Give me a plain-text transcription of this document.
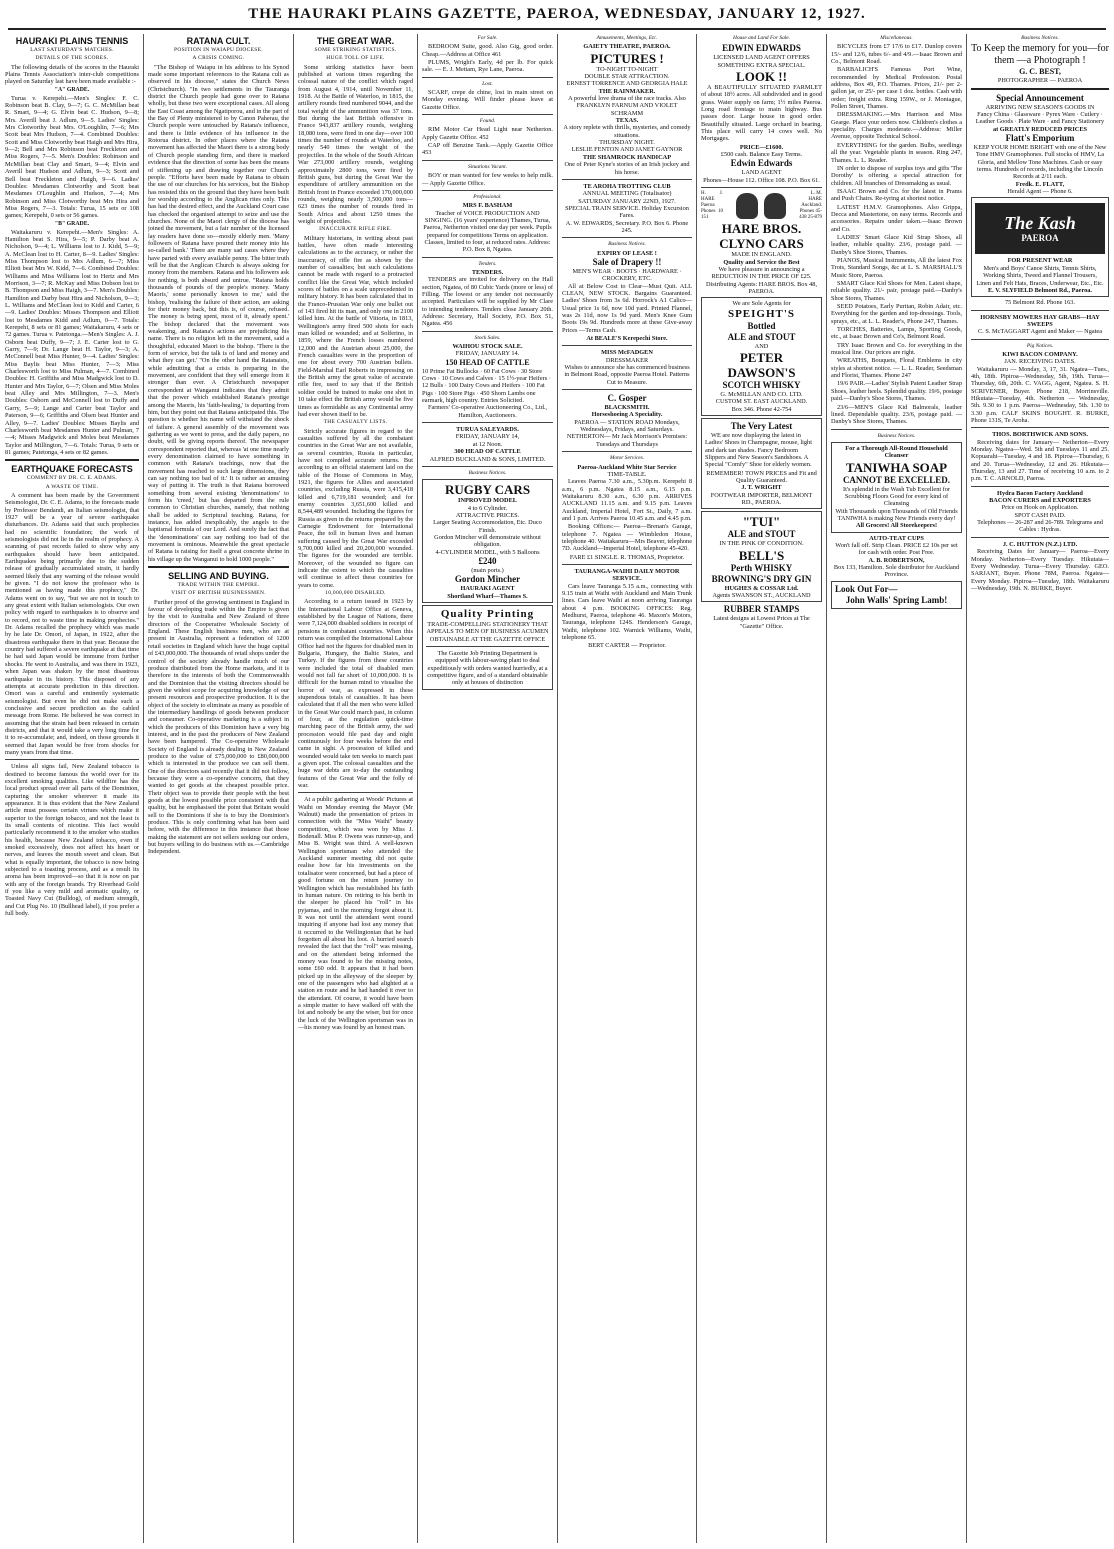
THE HAURAKI PLAINS GAZETTE, PAEROA, WEDNESDAY, JANUARY 12, 1927.
HAURAKI PLAINS TENNIS
LAST SATURDAY'S MATCHES.
DETAILS OF THE SCORES.

The following details of the scores in the Hauraki Plains Tennis Association's inter-club competitions played on Saturday last have been made available :-

"A" GRADE.

Turua v. Kerepehi.—Men's Singles: F. C. Robinson beat B. Clay, 9—7; G. C. McMillan beat R. Smart, 9—4; G. Elvin beat C. Hudson, 9—8; Mrs. Averill beat J. Adlum, 9—5. Ladies' Singles: Mrs Clotworthy beat Mrs. O'Loughlin, 7—6; Mrs Scott beat Mrs Hudson, 7—4. Combined Doubles: Scott and Miss Clotworthy beat Haigh and Mrs Hira, 9—2; Bell and Mrs Robinson beat Freckleton and Miss Rogers, 7—5. Men's Doubles: Robinson and McMillan beat Clay and Smart, 9—4; Elvin and Averill beat Hudson and Adlum, 9—3; Scott and Bell beat Freckleton and Haigh, 9—6. Ladies' Doubles: Mesdames Clotworthy and Scott beat Mesdames O'Loughlin and Hudson, 7—4; Mrs Robinson and Miss Clotworthy beat Mrs Hira and Miss Rogers, 7—3. Totals: Turua, 15 sets or 108 games; Kerepehi, 0 sets or 56 games.

"B" GRADE.

Waitakaruru v. Kerepehi.—Men's Singles: A. Hamilton beat S. Hira, 9—5; P. Darby beat A. Nicholson, 9—4; L. Williams lost to J. Kidd, 5—9; A. McClean lost to H. Carter, 8—9. Ladies' Singles: Miss Thompson lost to Mrs Adlum, 6—7; Miss Elliott beat Mrs W. Kidd, 7—6. Combined Doubles: Williams and Miss Williams lost to Hertz and Mrs Morrison, 3—7; R. McKay and Miss Dobson lost to B. Thompson and Miss Haigh, 3—7. Men's Doubles: Hamilton and Darby beat Hira and Nicholson, 9—3; L. Williams and McClean lost to Kidd and Carter, 6—9. Ladies' Doubles: Misses Thompson and Elliott lost to Mesdames Kidd and Adlum, 0—7. Totals: Kerepehi, 8 sets or 81 games; Waitakaruru, 4 sets or 72 games. Turua v. Patetonga.—Men's Singles: A. J. Osborn beat Duffy, 9—7; J. E. Carter lost to G. Garry, 7—9; Dr. Lange beat H. Taylor, 9—3; A. McConnell beat Miss Hunter, 9—4. Ladies' Singles: Miss Baylis beat Miss Hunter, 7—3; Miss Charlesworth lost to Miss Pulman, 4—7. Combined Doubles: H. Griffiths and Miss Madgwick lost to D. Hunter and Mrs Taylor, 6—7; Olsen and Miss Moles beat Alley and Mrs Millington, 7—3. Men's Doubles: Osborn and McConnell lost to Duffy and Garry, 5—9; Lange and Carter beat Taylor and Paterson, 9—6; Griffiths and Olsen beat Hunter and Alley, 9—7. Ladies' Doubles: Misses Baylis and Charlesworth beat Mesdames Hunter and Pulman, 7—4; Misses Madgwick and Moles beat Mesdames Taylor and Millington, 7—6. Totals: Turua, 9 sets or 81 games; Patetonga, 4 sets or 82 games.

EARTHQUAKE FORECASTS
COMMENT BY DR. C. E. ADAMS.
A WASTE OF TIME.

A comment has been made by the Government Seismologist, Dr. C. E. Adams, to the forecasts made by Professor Bendandi, an Italian seismologist, that 1927 will be a year of severe earthquake disturbances. Dr. Adams said that such prophecies had no scientific foundation; the work of seismologists did not lie in the realm of prophecy. A scanning of past records failed to show why any earthquakes should have been anticipated. Earthquakes being primarily due to the sudden release of gradually accumulated strain, it hardly seemed likely that any warning of the release would be given. "I do not know the professor who is mentioned as having made this prophecy," Dr. Adams went on to say, "but we are not in touch to any great extent with Italian seismologists. Our own policy with regard to earthquakes is to observe and to record, not to waste time in making prophecies." Dr. Adams recalled the prophecy which was made by he late Dr. Omori, of Japan, in 1922, after the disastrous earthquake there in that year. Because the country had suffered a severe earthquake at that time he had said Japan would be immune from further shocks. He went to Australia, and was there in 1923, when Japan was shaken by the most disastrous earthquake in its history. This disposed of any attempts at accurate prediction in this direction. Omori was a careful and eminently systematic seismologist. But even he did not make such a conclusive and secure prediction as the cabled message from Rome. He believed he was correct in assuming that the strain had been released in certain districts, and that it would take a very long time for it to re-accumulate; and, indeed, on those grounds it seemed that Japan would be free from shocks for many years from that time.

Unless all signs fail, New Zealand tobacco is destined to become famous the world over for its excellent smoking qualities. Like wildfire has the local product spread over all parts of the Dominion, capturing the smoker wherever it made its appearance. It is thus evident that the New Zealand article must possess certain virtues which make it superior to the foreign tobacco, and not the least is its small contents of nicotine. This fact would particularly recommend it to the smoker who studies his health, because New Zealand tobacco, even if smoked excessively, does not affect his heart or nerves, and leaves the mouth sweet and clean. But what is equally important, the tobacco is now being subjected to a toasting process, and as a result its aroma has been improved—so that it is now on par with any of the foreign brands. Try Riverhead Gold if you like a very mild and aromatic quality, or Toasted Navy Cut (Bulldog), of medium strength, and Cut Plug No. 10 (Bullhead label), if you prefer a full body.

RATANA CULT.
POSITION IN WAIAPU DIOCESE.
A CRISIS COMING.

"The Bishop of Waiapu in his address to his Synod made some important references to the Ratana cult as observed in his diocese," states the Church News (Christchurch). "In two settlements in the Tauranga district the Church people had gone over to Ratana wholly, but these two were exceptional cases. All along the East Coast among the Ngatiporou, and in the part of the Bay of Plenty ministered to by Canon Paherau, the Church people were untouched by Ratana's influence, and there is little evidence of his influence in the Rotorua district. In other places where the Ratana movement has affected the Maori there is a strong body of Church people standing firm, and there is marked evidence that the direction of some has been the means of stiffening up and drawing together our Church people. "Efforts have been made by Ratana to obtain the use of our churches for his services, but the Bishop has resisted this on the ground that they have been built for worship according to the Anglican rites only. This has had the desired effect, and the Auckland Court case has checked the organised attempt to seize and use the churches. None of the Maori clergy of the diocese has joined the movement, but a fair number of the licensed lay readers have done so—mostly elderly men. 'Many followers of Ratana have poured their money into his so-called bank.' There are many sad cases where they have parted with every available penny. The bitter truth will be that the Anglican Church is always asking for money from the members. Ratana and his followers ask for nothing, is both absurd and untrue. "Ratana holds thousands of pounds of the people's money. 'Many Maoris,' some personally known to me,' said the bishop, 'realising the failure of their action, are asking for their money back, but this is, of course, refused. The money is being spent, most of it, already spent.' The bishop declared that the movement was weakening, and Ratana's actions are prejudicing his name. There is no religion left in the movement, said a thoughtful, educated Maori to the bishop. 'There is the form of service, but the talk is of land and money and what they can get.' "On the other hand the Ratanaists, while admitting that a crisis is preparing in the movement, are confident that they will emerge from it stronger than ever. A Christchurch newspaper correspondent at Wanganui indicates that they admit that the power which established Ratana's prestige among the Maoris, his 'faith-healing,' is departing from him, but they point out that Ratana anticipated this. The question is whether his name will withstand the shock of failure. A general assembly of the movement was gathering as we went to press, and the daily papers, no doubt, will be giving reports thereof. The newspaper correspondent reported that, whereas 'at one time nearly every denomination claimed to have something in common with Ratana's teachings, now that the movement has reached to such large dimensions, they can say nothing too bad of it.' It is rather an amusing way of putting it. The truth is that Ratana borrowed something from several existing 'denominations' to form his 'creed,' but has departed from the rule common to Christian churches, namely, that nothing shall be added to Scriptural teaching. Ratana, for instance, has added inexplicably, the angels to the baptismal formula of our Lord. And surely the fact that the 'denominations' can say nothing too bad of the movement is ominous. Meanwhile the great spectacle of Ratana is raising for itself a great concrete shrine in his village up the Wanganui to hold 1000 people."

SELLING AND BUYING.
TRADE WITHIN THE EMPIRE.
VISIT OF BRITISH BUSINESSMEN.

Further proof of the growing sentiment in England in favour of developing trade within the Empire is given by the visit to Australia and New Zealand of three directors of the Cooperative Wholesale Society of England. These English business men, who are at present in Australia, represent a federation of 1200 retail societies in England which have the huge capital of £43,000,000. The thousands of retail shops under the control of the society already handle much of our produce distributed from the Home markets, and it is therefore in the interests of both the Commonwealth and the Dominion that the visiting directors should be given the widest scope for acquiring knowledge of our present resources and prospective production. It is the object of the society to eliminate as many as possible of the intermediary handlings of goods between producer and consumer. Co-operative marketing is a subject in which the producers of this Dominion have a very big interest, and in the past the producers of New Zealand have been hampered. The Co-operative Wholesale Society of England is already dealing in New Zealand produce to the value of £75,000,000 to £80,000,000 which is interested in the produce we can sell them. One of the directors said recently that it did not follow, because they were a co-operative concern, that they wanted to get goods at the cheapest possible price. Their object was to provide their people with the best goods at the lowest possible price consistent with that quality, but he emphasised the point that Britain would sell to the Dominions if she is to buy the Dominion's produce. This is only confirming what has been said before, with the difference in this instance that those making the statement are not sellers seeking our orders, but buyers willing to do business with us.—Cambridge Independent.

THE GREAT WAR.
SOME STRIKING STATISTICS.
HUGE TOLL OF LIFE.

Some striking statistics have been published at various times regarding the colossal nature of the conflict which raged from August 4, 1914, until November 11, 1918. At the Battle of Waterloo, in 1815, the artillery rounds fired numbered 9044, and the total weight of the ammunition was 37 tons. But during the last British offensive in France 943,837 artillery rounds, weighing 18,080 tons, were fired in one day—over 100 times the number of rounds at Waterloo, and nearly 540 times the weight of the projectiles. In the whole of the South African War 273,000 artillery rounds, weighing approximately 2800 tons, were fired by British guns, but during the Great War the expenditure of artillery ammunition on the British front in France exceeded 170,000,000 rounds, weighing nearly 3,500,000 tons—623 times the number of rounds fired in South Africa and about 1250 times the weight of projectiles.

INACCURATE RIFLE FIRE.

Military historians, in writing about past battles, have often made interesting calculations as to the accuracy, or rather the inaccuracy, of rifle fire as shown by the number of casualties; but such calculations cannot be made with regard to a protracted conflict like the Great War, which included scores of battles on a scale unprecedented in military history. It has been calculated that in the Franco-Prussian War only one bullet out of 143 fired hit its man, and only one in 2100 killed him. At the battle of Vittoria, in 1813, Wellington's army fired 500 shots for each man killed or wounded; and at Solferino, in 1859, where the French losses numbered 12,000 and the Austrian about 25,000, the French casualties were in the proportion of one for about every 700 Austrian bullets. Field-Marshal Earl Roberts in impressing on the British army the great value of accurate rifle fire, used to say that if the British soldier could be trained to make one shot in 10 take effect the British army would be five times as formidable as any Continental army had ever shown itself to be.

THE CASUALTY LISTS.

Strictly accurate figures in regard to the casualties suffered by all the combatant countries in the Great War are not available, as several countries, Russia in particular, have not compiled accurate returns. But according to an official statement laid on the table of the House of Commons in May, 1921, the figures for Allies and associated countries, excluding Russia, were 3,415,418 killed and 6,719,181 wounded; and for enemy countries 3,651,600 killed and 8,544,489 wounded. Including the figures for Russia as given in the returns prepared by the Carnegie Endowment for International Peace, the toll in human lives and human suffering caused by the Great War exceeded 9,700,000 killed and 20,200,000 wounded. The figures for the wounded are terrible. Moreover, of the wounded no figure can indicate the extent to which the casualties will continue to affect these countries for years to come.

10,000,000 DISABLED.

According to a return issued in 1923 by the International Labour Office at Geneva, established by the League of Nations, there were 7,124,000 disabled soldiers in receipt of pensions in combatant countries. When this return was compiled the International Labour Office had not the figures for disabled men in Bulgaria, Hungary, the Baltic States, and Turkey. If the figures from these countries were included the total of disabled men would not fall far short of 10,000,000. It is difficult for the human mind to visualise the horror of war, as expressed in these stupendous totals of casualties. It has been calculated that if all the men who were killed in the Great War could march past, in column of four, at the regulation quick-time marching pace of the British army, the sad procession would file past day and night continuously for four weeks before the end came in sight. A procession of killed and wounded would take ten weeks to march past a given spot. The colossal casualties and the huge war debts are to-day the outstanding features of the Great War and the folly of war.

At a public gathering at Woods' Pictures at Waihi on Monday evening the Mayor (Mr Walnutt) made the presentation of prizes in connection with the "Miss Waihi" beauty competition, which was won by Miss J. Bodenall. Miss P. Owens was runner-up, and Miss B. Wright was third. A well-known Wellington sportsman who attended the Auckland summer meeting did not quite realise how far his investments on the totalisator were concerned, but had a piece of good fortune on the return journey to Wellington which has reestablished his faith in human nature. On retiring to his berth in the sleeper he placed his "roll" in his pyjamas, and in the morning forgot about it. It was not until the attendant went round inquiring if anyone had lost any money that it occurred to the Wellingtonian that he had forgotten all about his loot. A hurried search revealed the fact that the "roll" was missing, and on the attendant being informed the money was found to be the missing notes, some £60 odd. It appears that it had been picked up in the alleyway of the sleeper by one of the passengers who had alighted at a station en route and he had handed it over to the attendant. Of course, it would have been a simple matter to have walked off with the lot and nobody be any the wiser, but for once the luck of the Wellington sportsman was in—his money was found by an honest man.

For Sale.

BEDROOM Suite, good. Also Gig, good order. Cheap.—Address at Office 461

PLUMS, Wright's Early, 4d per lb. For quick sale. — E. J. Mettam, Rye Lane, Paeroa.

Lost.

SCARF, crepe de chine, lost in main street on Monday evening. Will finder please leave at Gazette Office.

Found.

RIM Motor Car Head Light near Netherton. Apply Gazette Office. 452

CAP off Benzine Tank.—Apply Gazette Office 453

Situations Vacant.

BOY or man wanted for few weeks to help milk. — Apply Gazette Office.

Professional.
MRS F. BASHAM
Teacher of VOICE PRODUCTION AND SINGING. (16 years' experience) Thames, Turua, Paeroa, Netherton visited one day per week. Pupils prepared for competitions Terms on application. Classes, limited to four, at reduced rates. Address: P.O. Box 8, Ngatea.
Tenders.
TENDERS.

TENDERS are invited for delivery on the Hall section, Ngatea, of 80 Cubic Yards (more or less) of Filling. The lowest or any tender not necessarily accepted. Particulars will be supplied by Mr Clare to intending tenderers. Tenders close January 20th. Address: Secretary, Hall Society, P.O. Box 51, Ngatea. 456

Stock Sales.
WAIHOU STOCK SALE.
FRIDAY, JANUARY 14.
150 HEAD OF CATTLE
10 Prime Fat Bullocks · 60 Fat Cows · 30 Store Cows · 10 Cows and Calves · 15 1½-year Heifers · 12 Bulls · 100 Dairy Cows and Heifers · 100 Fat Pigs · 100 Store Pigs · 450 Shorn Lambs one earmark, high country. Entries Solicited.
Farmers' Co-operative Auctioneering Co., Ltd., Hamilton, Auctioneers.
TURUA SALEYARDS.
FRIDAY, JANUARY 14,
at 12 Noon.
300 HEAD OF CATTLE
ALFRED BUCKLAND & SONS, LIMITED.
Business Notices.
RUGBY CARS
INPROVED MODEL
4 to 6 Cylinder.
ATTRACTIVE PRICES.
Larger Seating Accommodation, Etc. Duco Finish.
Gordon Mincher will demonstrate without obligation.
4-CYLINDER MODEL, with 5 Balloons
£240
(main ports.)
Gordon Mincher
HAURAKI AGENT
Shortland Wharf—Thames S.
Quality Printing
TRADE-COMPELLING STATIONERY THAT APPEALS TO MEN OF BUSINESS ACUMEN OBTAINABLE AT THE GAZETTE OFFICE
The Gazette Job Printing Department is equipped with labour-saving plant to deal expeditiously with orders wanted hurriedly, at a competitive figure, and of a standard obtainable only at houses of distinction
Amusements, Meetings, Etc.
GAIETY THEATRE, PAEROA.
PICTURES !
TO-NIGHT TO-NIGHT
DOUBLE STAR ATTRACTION.
ERNEST TORRENCE AND GEORGIA HALE
THE RAINMAKER.
A powerful love drama of the race tracks. Also
FRANKLYN FARNUM AND VIOLET SCHRAMM
TEXAS.
A story replete with thrills, mysteries, and comedy situations.
THURSDAY NIGHT.
LESLIE FENTON AND JANET GAYNOR
THE SHAMROCK HANDICAP
One of Peter Kyne's stories of an Irish jockey and his horse.
TE AROHA TROTTING CLUB
ANNUAL MEETING (Totalisator)
SATURDAY JANUARY 22ND, 1927.
SPECIAL TRAIN SERVICE. Holiday Excursion Fares.
A. W. EDWARDS, Secretary. P.O. Box 6. Phone 245.
Business Notices.
EXPIRY OF LEASE !
Sale of Drapery !!
MEN'S WEAR · BOOTS · HARDWARE · CROCKERY, ETC.

All at Below Cost to Clear—Must Quit. ALL CLEAN, NEW STOCK. Bargains Guaranteed. Ladies' Shoes from 3s 6d. Horrock's A1 Calico—Usual price 1s 6d, now 10d yard. Printed Flannel, was 2s 11d, now 1s 9d yard. Men's Knee Gum Boots 19s 9d. Hundreds more at these Give-away Prices —Terms Cash.

At BEALE'S Kerepechi Store.
MISS McFADGEN
DRESSMAKER
Wishes to announce she has commenced business in Belmont Road, opposite Paeroa Hotel. Patterns Cut to Measure.
C. Gosper
BLACKSMITH.
Horseshoeing A Speciality.
PAEROA — STATION ROAD Mondays, Wednesdays, Fridays, and Saturdays. NETHERTON— Mr Jack Morrison's Premises: Tuesdays and Thursdays
Motor Services.
Paeroa-Auckland White Star Service
TIME-TABLE.

Leaves Paeroa 7.30 a.m., 5.30p.m. Kerepehi 8 a.m., 6 p.m. Ngatea 8.15 a.m., 6.15 p.m. Waitakaruru 8.30 a.m., 6.30 p.m. ARRIVES AUCKLAND 11.15 a.m. and 9.15 p.m. Leaves Auckland, Imperial Hotel, Fort St., Daily, 7 a.m. and 1 p.m. Arrives Paeroa 10.45 a.m. and 4.45 p.m.

Booking Offices:— Paeroa—Brenan's Garage, telephone 7. Ngatea — Wimbledon House, telephone 40. Waitakaruru—Mrs Beaver, telephone 7D. Auckland—Imperial Hotel, telephone 45-420.

FARE £1 SINGLE. R. THOMAS, Proprietor.
TAURANGA-WAIHI DAILY MOTOR SERVICE.

Cars leave Tauranga 5.15 a.m., connecting with 9.15 train at Waihi with Auckland and Main Trunk lines. Cars leave Waihi at noon arriving Tauranga about 4 p.m. BOOKING OFFICES: Reg. Medhurst, Paeroa, telephone 46. Maxon's Motors, Tauranga, telephone 124S. Henderson's Garage, Waihi, telephone 102. Warnick Williams, Waihi, telephone 65.

BERT CARTER — Proprietor.
House and Land For Sale.
EDWIN EDWARDS
LICENSED LAND AGENT OFFERS SOMETHING EXTRA SPECIAL.
LOOK !!

A BEAUTIFULLY SITUATED FARMLET of about 18½ acres. All subdivided and in good grass. Water supply on farm; 1½ miles Paeroa. Long road frontage to main highway. Bus passes door. Large house in good order. Beautifully situated. Large orchard in bearing. This place will carry 14 cows well. No Mortgages.

PRICE—£1600.
£500 cash. Balance Easy Terms.
Edwin Edwards
LAND AGENT
Phones—House 112. Office 108. P.O. Box 61.
H. J. HARE Paeroa Phones 10 151
L. M. HARE Auckland. Phones 45-438 25-879
HARE BROS.
CLYNO CARS
MADE IN ENGLAND.
Quality and Service the Best
We have pleasure in announcing a REDUCTION IN THE PRICE OF £25.
Distributing Agents: HARE BROS. Box 48, PAEROA.
We are Sole Agents for
SPEIGHT'S
Bottled
ALE and STOUT
AND
PETER DAWSON'S
SCOTCH WHISKY
G. McMILLAN AND CO. LTD.
CUSTOM ST. EAST AUCKLAND.
Box 346. Phone 42-754
The Very Latest

WE are now displaying the latest in Ladies' Shoes in Champagne, mouse, light and dark tan shades. Fancy Bedroom Slippers and New Season's Sandshoes. A Special "Comfy" Shoe for elderly women.

REMEMBER! TOWN PRICES and Fit and Quality Guaranteed.
J. T. WRIGHT
FOOTWEAR IMPORTER, BELMONT RD., PAEROA.
"TUI"
ALE and STOUT
IN THE PINK OF CONDITION.
BELL'S
Perth WHISKY
BROWNING'S DRY GIN
HUGHES & COSSAR Ltd.
Agents SWANSON ST., AUCKLAND
RUBBER STAMPS
Latest designs at Lowest Prices at The "Gazette" Office.
Miscellaneous.

BICYCLES from £7 17/6 to £17. Dunlop covers 15/- and 12/6, tubes 6/- and 4/9.—Isaac Brown and Co., Belmont Road.

BARBALICH'S Famous Port Wine, recommended by Medical Profession. Postal address, Box 49, P.O. Thames. Prices, 21/- per 2-gallon jar, or 25/- per case 1 doz. bottles. Cash with order; freight extra. Ring 159W., or J. Montague, Pollen Street, Thames.

DRESSMAKING.—Mrs Harrison and Miss Gearge. Place your orders now. Children's clothes a speciality. Charges moderate.—Address: Miller Avenue, opposite Technical School.

EVERYTHING for the garden. Bulbs, seedlings all the year. Vegetable plants in season. Ring 247, Thames. L. L. Reader.

IN order to dispose of surplus toys and gifts 'The Dorothy' is offering a special attraction for children. All branches of Dressmaking as usual.

ISAAC Brown and Co. for the latest in Prams and Push Chairs. Re-tyring at shortest notice.

LATEST H.M.V. Gramophones. Also Grippa, Decca and Mastertone, on easy terms. Records and accessories. Repairs under taken.—Isaac Brown and Co.

LADIES' Smart Glace Kid Strap Shoes, all leather, reliable quality. 23/6, postage paid. — Danby's Shoe Stores, Thames.

PIANOS, Musical Instruments, All the latest Fox Trots, Standard Songs, &c at L. S. MARSHALL'S Music Store, Paeroa.

SMART Glace Kid Shoes for Men. Latest shape, reliable quality. 21/- pair, postage paid.—Danby's Shoe Stores, Thames.

SEED Potatoes, Early Puritan, Robin Adair, etc. Everything for the garden and top-dressings. Tools, sprays, etc., at L. L. Reader's, Phone 247, Thames.

TORCHES, Batteries, Lamps, Sporting Goods, etc., at Isaac Brown and Co's, Belmont Road.

TRY Isaac Brown and Co. for everything in the musical line. Our prices are right.

WREATHS, Bouquets, Floral Emblems in city styles at shortest notice. — L. L. Reader, Seedsman and Florist, Thames. Phone 247

19/6 PAIR.—Ladies' Stylish Patent Leather Strap Shoes, leather heels. Splendid quality. 19/6, postage paid.—Danby's Shoe Stores, Thames.

23/6—MEN'S Glace Kid Balmorals, leather lined. Dependable quality. 23/6, postage paid. — Danby's Shoe Stores, Thames.

Business Notices.
For a Thorough All-Round Household Cleanser
TANIWHA SOAP
CANNOT BE EXCELLED.
It's splendid in the Wash Tub Excellent for Scrubbing Floors Good for every kind of Cleansing
With Thousands upon Thousands of Old Friends TANIWHA is making New Friends every day!
All Grocers! All Storekeepers!
AUTO-TEAT CUPS
Won't fall off. Strip Clean. PRICE £2 10s per set for cash with order. Post Free.
A. B. ROBERTSON,
Box 133, Hamilton. Sole distributor for Auckland Province.
Look Out For—
John Walls' Spring Lamb!
Business Notices.
To Keep the memory for you—for them —a Photograph !
G. C. BEST,
PHOTOGRAPHER — PAEROA
Special Announcement
ARRIVING NEW SEASON'S GOODS IN
Fancy China · Glassware · Pyrex Ware · Cutlery · Leather Goods · Plate Ware · and Fancy Stationery
at GREATLY REDUCED PRICES
Flatt's Emporium
KEEP YOUR HOME BRIGHT with one of the New Tone HMV Gramophones. Full stocks of HMV, La Gloria, and Mellow Tone Machines. Cash or easy terms. Hundreds of records, including the Lincoln Records at 2/11 each.
Fredk. E. FLATT,
Herald Agent — Phone 6.
The Kash
PAEROA
FOR PRESENT WEAR
Men's and Boys' Canoe Shirts, Tennis Shirts, Working Shirts, Tweed and Flannel Trousers, Linen and Felt Hats, Braces, Underwear, Etc., Etc.
E. V. SLYFIELD Belmont Rd., Paeroa.
75 Belmont Rd. Phone 163.
HORNSBY MOWERS HAY GRABS—HAY SWEEPS
C. S. McTAGGART Agent and Maker — Ngatea
Pig Notices.
KIWI BACON COMPANY.
JAN. RECEIVING DATES.

Waitakaruru — Monday, 3, 17, 31. Ngatea—Tues., 4th, 18th. Pipiroa—Wednesday, 5th, 19th. Turua—Thursday, 6th, 20th. C. VAGG, Agent, Ngatea. S. H. SCRIVENER, Buyer. Phone 218, Morrinsville. Hikutaia—Tuesday, 4th. Netherton — Wednesday, 5th. 9.30 to 1 p.m. Paeroa—Wednesday, 5th. 1.30 to 3.30 p.m. CALF SKINS BOUGHT. R. BURKE, Phone 131S, Te Aroha.

THOS. BORTHWICK AND SONS.

Receiving dates for January— Netherton—Every Monday. Ngatea—Wed. 5th and Tuesdays 11 and 25. Kopuarahi—Tuesday, 4 and 18. Pipiroa—Thursday, 6 and 20. Turua—Wednesday, 12 and 26. Hikutaia—Thursday, 13 and 27. Time of receiving 10 a.m. to 2 p.m. T. C. ARNOLD, Paeroa.

Hydra Bacon Factory Auckland
BACON CURERS and EXPORTERS
Price on Hook on Application.
SPOT CASH PAID.
Telephones — 26-287 and 26-789. Telegrams and Cables : Hydras.
J. C. HUTTON (N.Z.) LTD.

Receiving Dates for January— Paeroa—Every Monday. Netherton—Every Tuesday. Hikutaia—Every Wednesday. Turua—Every Thursday. GEO. SARJANT, Buyer. Phone 78M, Paeroa. Ngatea—Every Monday. Pipiroa—Tuesday, 18th. Waitakaruru—Wednesday, 19th. N. BURKE, Buyer.
